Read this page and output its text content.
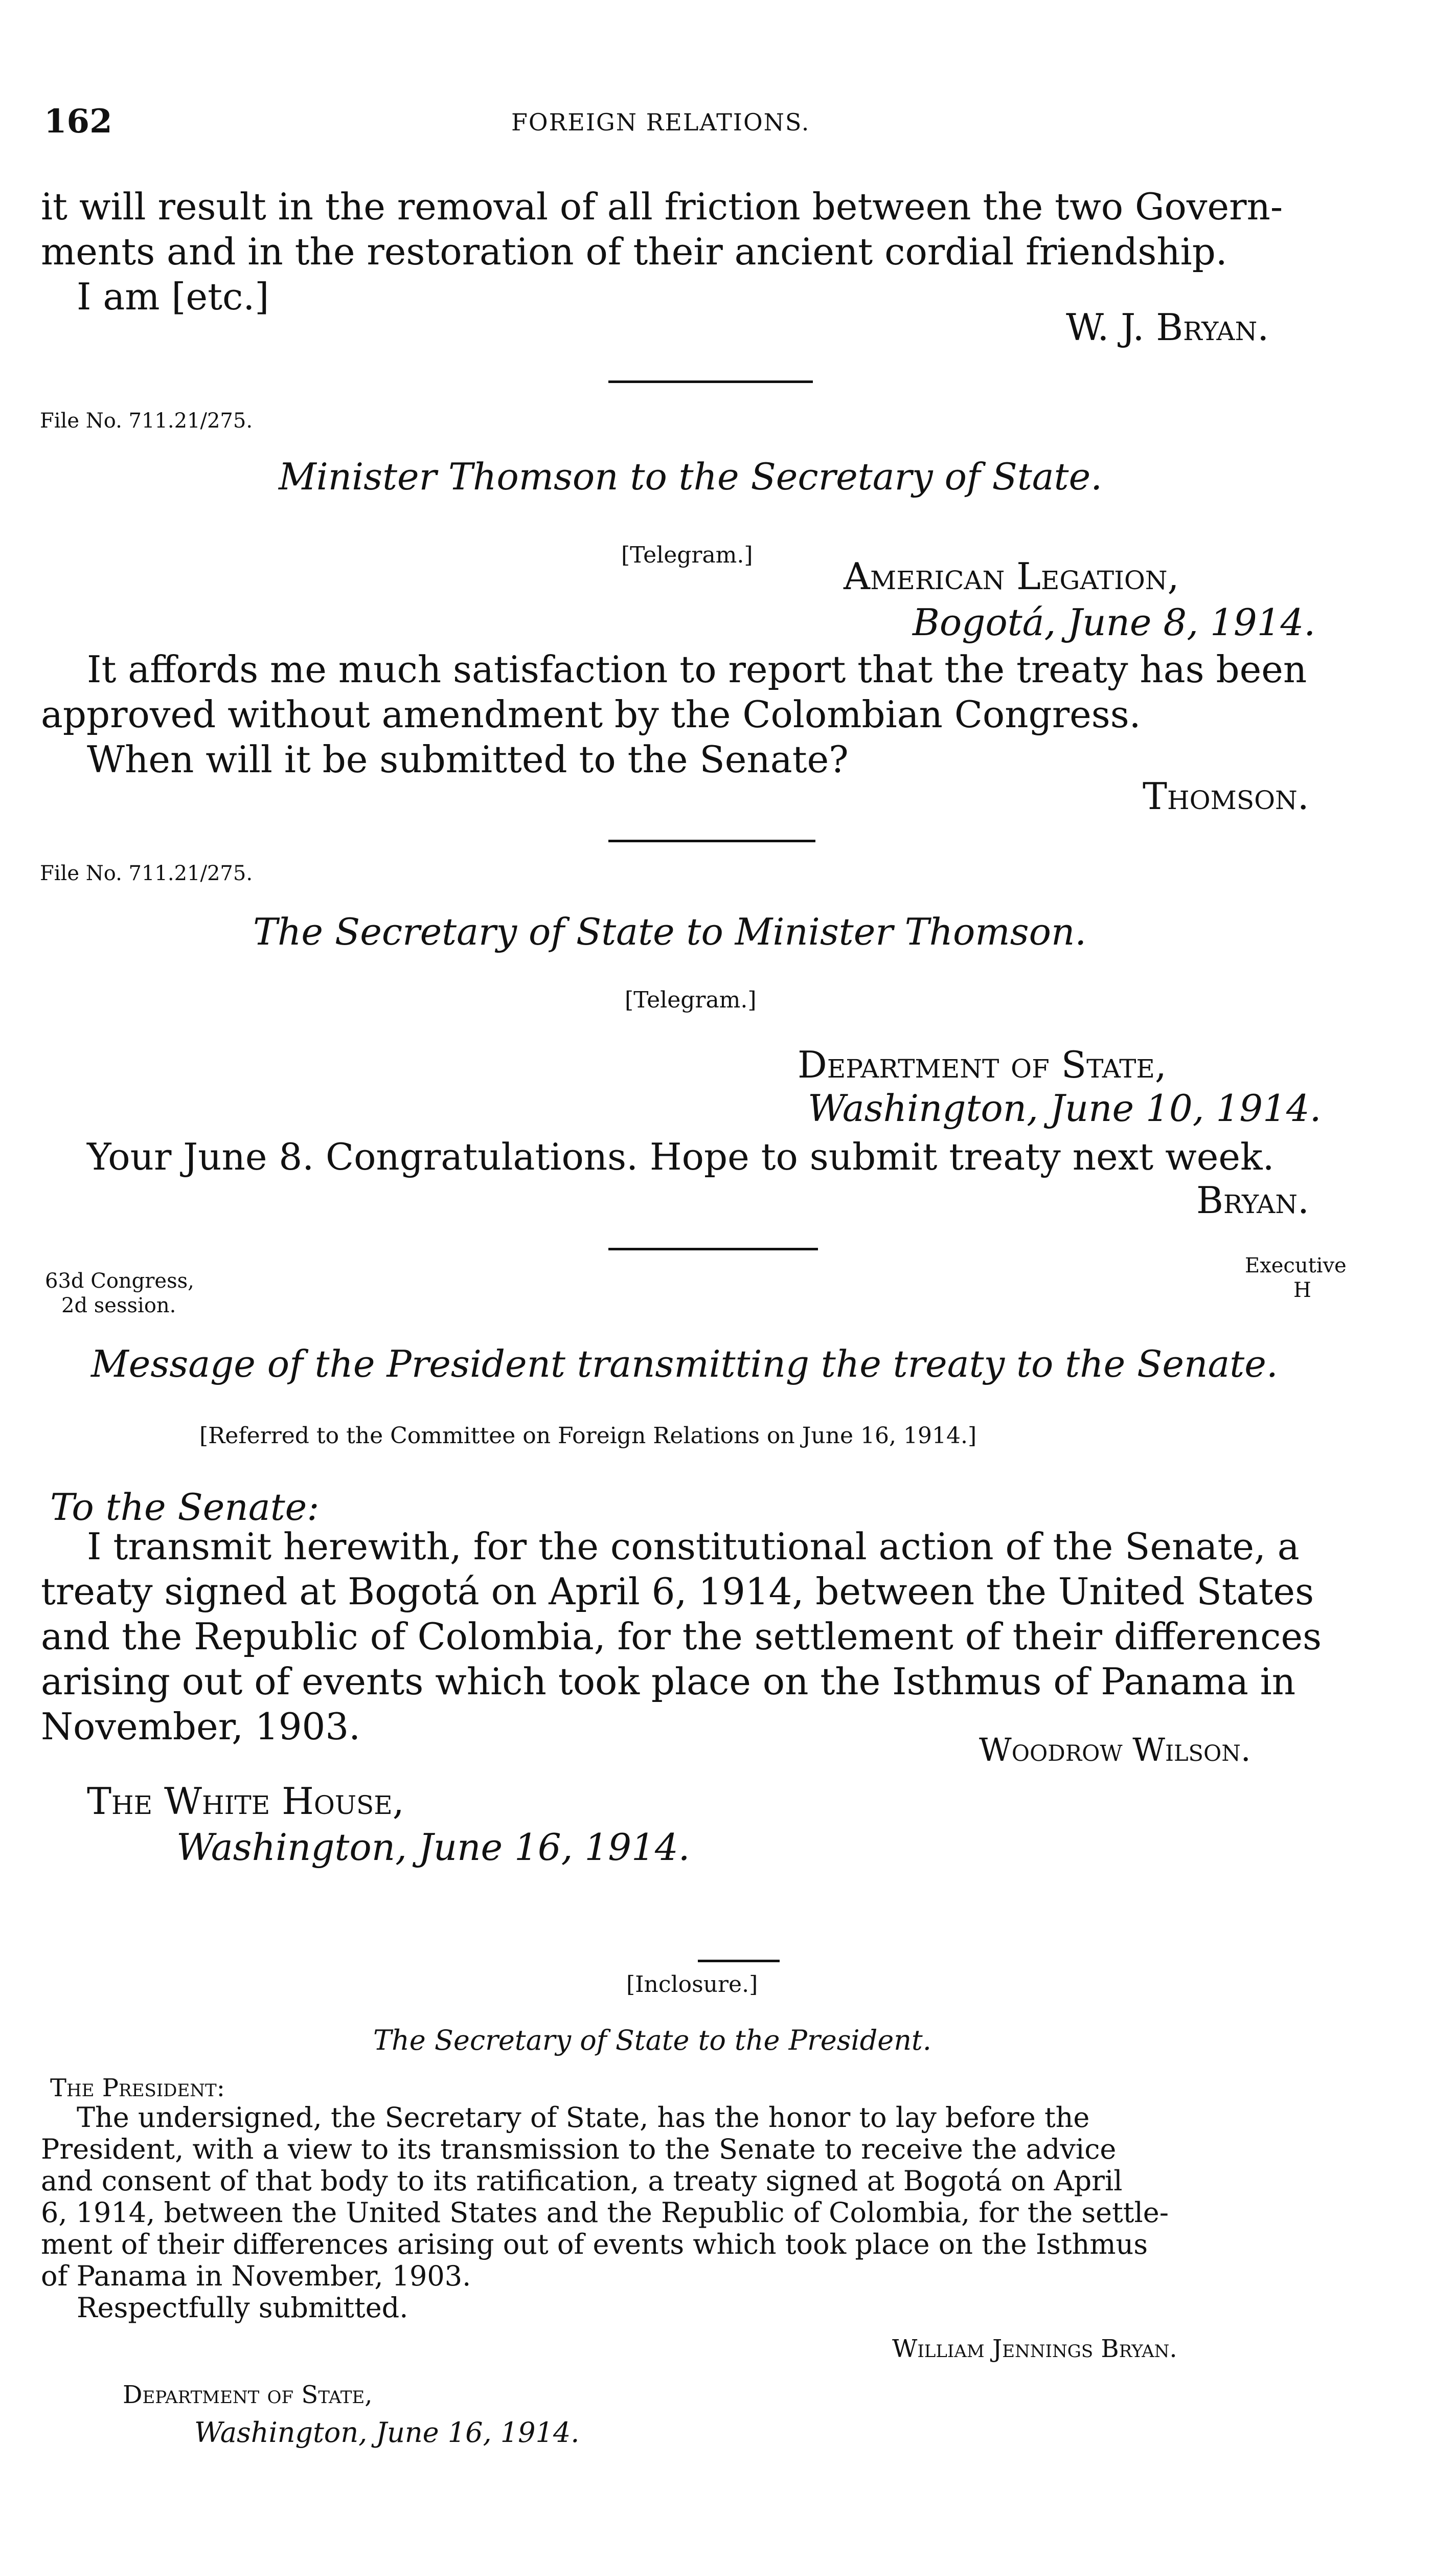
162	FOREIGN RELATIONS.
it will result in the removal of all friction between the two Govern-
ments and in the restoration of their ancient cordial friendship.
I am [etc.]
W. J. Bryan.
File No. 711.21/275.
Minister Thomson to the Secretary of State.
[Telegram.] American Legation,
Bogotá, June 8, 1914.
It affords me much satisfaction to report that the treaty has been
approved without amendment by the Colombian Congress.
When will it be submitted to the Senate?
Thomson.
File No. 711.21/275.
The Secretary of State to Minister Thomson.
[Telegram.]
Department of State,
Washington, June 10, 1914.
Your June 8. Congratulations. Hope to submit treaty next week.
Bryan.
63d Congress,
2d session.
Executive
H
Message of the President transmitting the treaty to the Senate.
[Referred to the Committee on Foreign Relations on June 16, 1914.]
To the Senate:
I transmit herewith, for the constitutional action of the Senate, a
treaty signed at Bogotá on April 6, 1914, between the United States
and the Republic of Colombia, for the settlement of their differences
arising out of events which took place on the Isthmus of Panama in
November, 1903.
Woodrow Wilson.
The White House,
Washington, June 16, 1914.
[Inclosure.]
The Secretary of State to the President.
The President:
The undersigned, the Secretary of State, has the honor to lay before the
President, with a view to its transmission to the Senate to receive the advice
and consent of that body to its ratification, a treaty signed at Bogotá on April
6, 1914, between the United States and the Republic of Colombia, for the settle-
ment of their differences arising out of events which took place on the Isthmus
of Panama in November, 1903.
Respectfully submitted.
William Jennings Bryan.
Department of State,
Washington, June 16, 1914.
